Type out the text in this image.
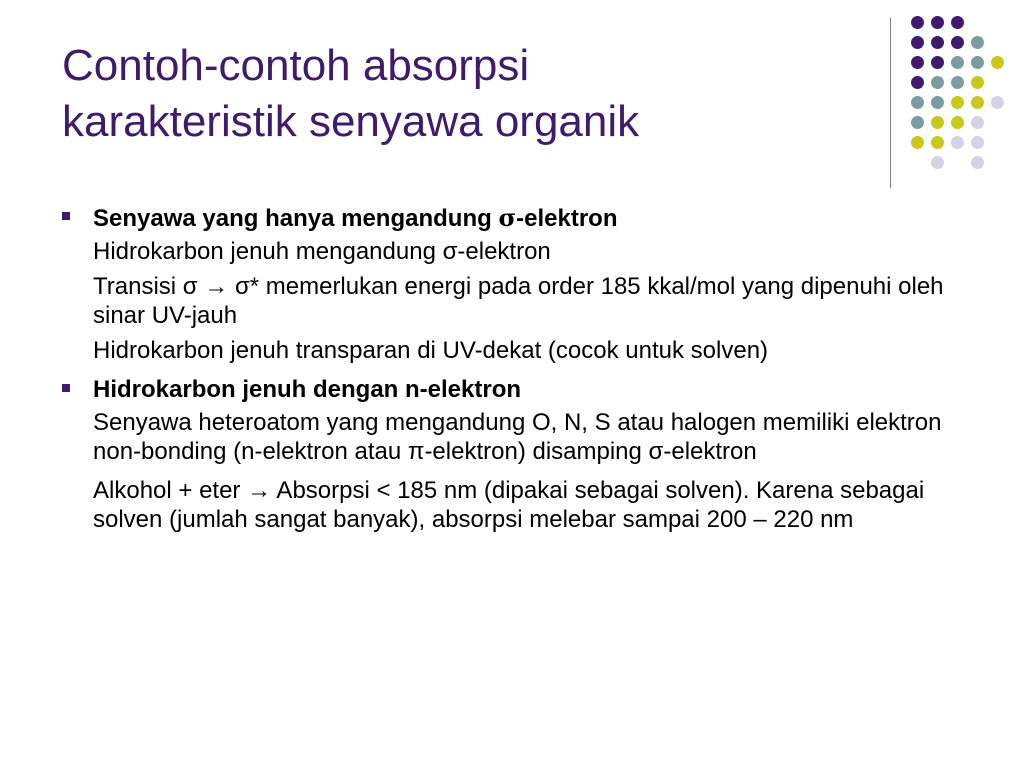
Contoh-contoh absorpsi
karakteristik senyawa organik

Senyawa yang hanya mengandung σ-elektron

Hidrokarbon jenuh mengandung σ-elektron

Transisi σ → σ* memerlukan energi pada order 185 kkal/mol yang dipenuhi oleh sinar UV-jauh

Hidrokarbon jenuh transparan di UV-dekat (cocok untuk solven)

Hidrokarbon jenuh dengan n-elektron

Senyawa heteroatom yang mengandung O, N, S atau halogen memiliki elektron non-bonding (n-elektron atau π-elektron) disamping σ-elektron

Alkohol + eter → Absorpsi < 185 nm (dipakai sebagai solven). Karena sebagai solven (jumlah sangat banyak), absorpsi melebar sampai 200 – 220 nm
